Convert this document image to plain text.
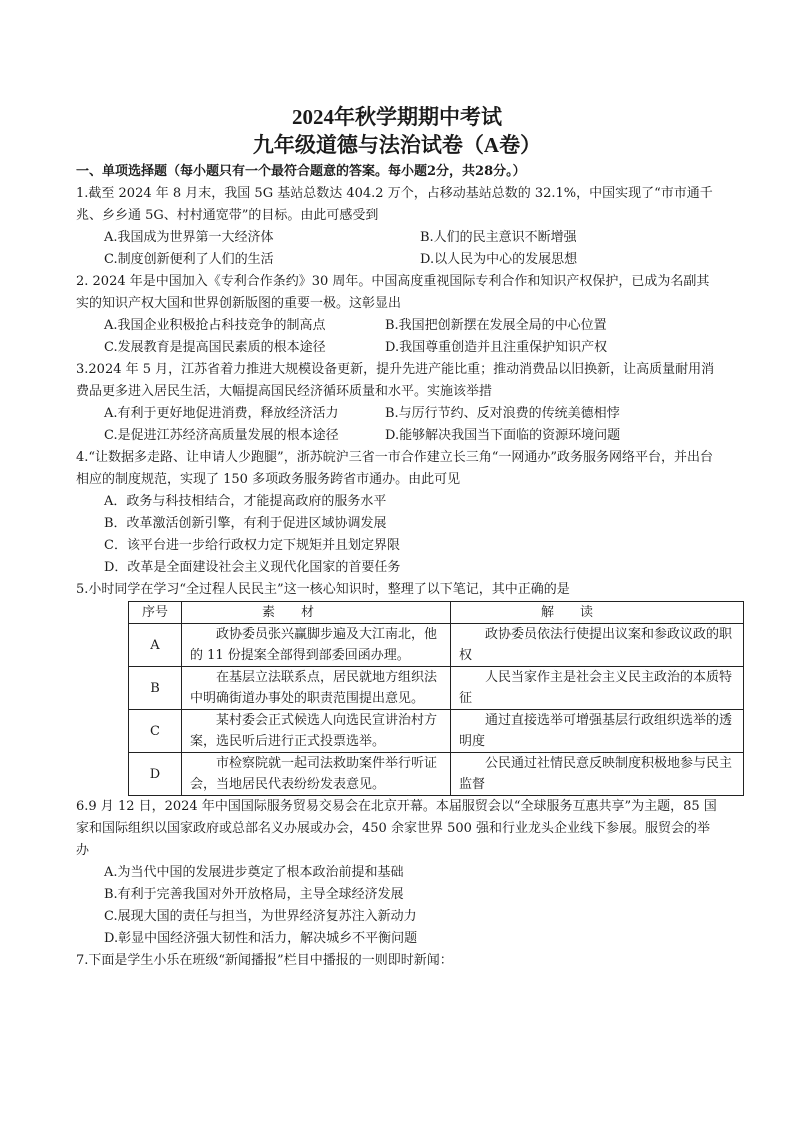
2024年秋学期期中考试
九年级道德与法治试卷（A卷）
一、单项选择题（每小题只有一个最符合题意的答案。每小题2分，共28分。）

1.截至 2024 年 8 月末，我国 5G 基站总数达 404.2 万个，占移动基站总数的 32.1%，中国实现了“市市通千兆、乡乡通 5G、村村通宽带”的目标。由此可感受到

A.我国成为世界第一大经济体	B.人们的民主意识不断增强
C.制度创新便利了人们的生活	D.以人民为中心的发展思想

2. 2024 年是中国加入《专利合作条约》30 周年。中国高度重视国际专利合作和知识产权保护，已成为名副其实的知识产权大国和世界创新版图的重要一极。这彰显出

A.我国企业积极抢占科技竞争的制高点	B.我国把创新摆在发展全局的中心位置
C.发展教育是提高国民素质的根本途径	D.我国尊重创造并且注重保护知识产权

3.2024 年 5 月，江苏省着力推进大规模设备更新，提升先进产能比重；推动消费品以旧换新，让高质量耐用消费品更多进入居民生活，大幅提高国民经济循环质量和水平。实施该举措

A.有利于更好地促进消费，释放经济活力	B.与厉行节约、反对浪费的传统美德相悖
C.是促进江苏经济高质量发展的根本途径	D.能够解决我国当下面临的资源环境问题

4.“让数据多走路、让申请人少跑腿”，浙苏皖沪三省一市合作建立长三角“一网通办”政务服务网络平台，并出台相应的制度规范，实现了 150 多项政务服务跨省市通办。由此可见

A．政务与科技相结合，才能提高政府的服务水平
B．改革激活创新引擎，有利于促进区域协调发展
C．该平台进一步给行政权力定下规矩并且划定界限
D．改革是全面建设社会主义现代化国家的首要任务

5.小时同学在学习“全过程人民民主”这一核心知识时，整理了以下笔记，其中正确的是

序号	素　　材	解　　读
A	政协委员张兴赢脚步遍及大江南北，他的 11 份提案全部得到部委回函办理。	政协委员依法行使提出议案和参政议政的职权
B	在基层立法联系点，居民就地方组织法中明确街道办事处的职责范围提出意见。	人民当家作主是社会主义民主政治的本质特征
C	某村委会正式候选人向选民宣讲治村方案，选民听后进行正式投票选举。	通过直接选举可增强基层行政组织选举的透明度
D	市检察院就一起司法救助案件举行听证会，当地居民代表纷纷发表意见。	公民通过社情民意反映制度积极地参与民主监督

6.9 月 12 日，2024 年中国国际服务贸易交易会在北京开幕。本届服贸会以“全球服务互惠共享”为主题，85 国家和国际组织以国家政府或总部名义办展或办会，450 余家世界 500 强和行业龙头企业线下参展。服贸会的举办

A.为当代中国的发展进步奠定了根本政治前提和基础
B.有利于完善我国对外开放格局，主导全球经济发展
C.展现大国的责任与担当，为世界经济复苏注入新动力
D.彰显中国经济强大韧性和活力，解决城乡不平衡问题

7.下面是学生小乐在班级“新闻播报”栏目中播报的一则即时新闻：
